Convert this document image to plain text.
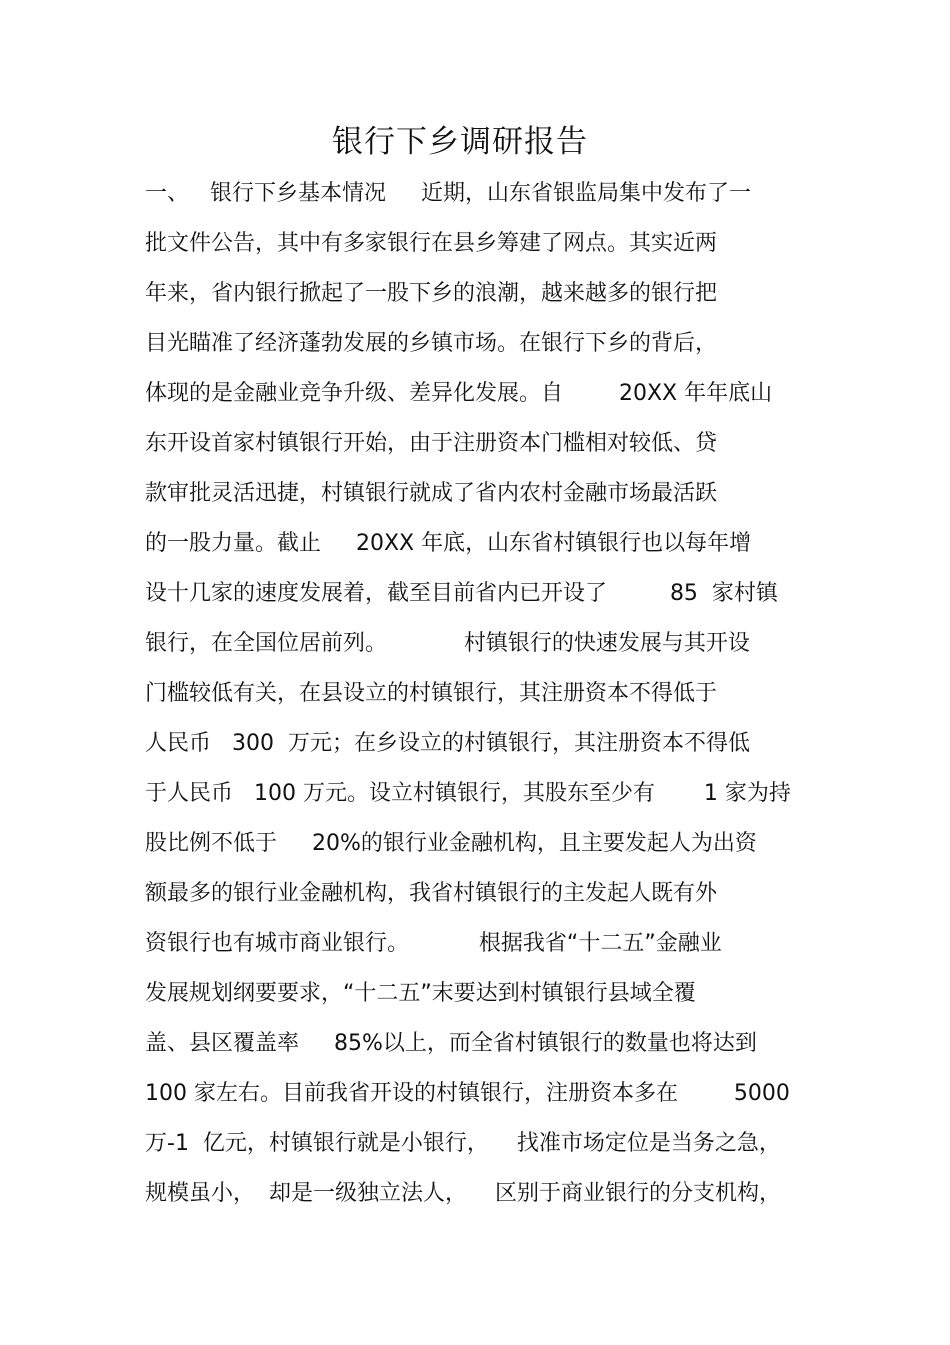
银行下乡调研报告
一、   银行下乡基本情况     近期，山东省银监局集中发布了一
批文件公告，其中有多家银行在县乡筹建了网点。其实近两
年来，省内银行掀起了一股下乡的浪潮，越来越多的银行把
目光瞄准了经济蓬勃发展的乡镇市场。在银行下乡的背后，
体现的是金融业竞争升级、差异化发展。自        20XX 年年底山
东开设首家村镇银行开始，由于注册资本门槛相对较低、贷
款审批灵活迅捷，村镇银行就成了省内农村金融市场最活跃
的一股力量。截止     20XX 年底，山东省村镇银行也以每年增
设十几家的速度发展着，截至目前省内已开设了         85  家村镇
银行，在全国位居前列。           村镇银行的快速发展与其开设
门槛较低有关，在县设立的村镇银行，其注册资本不得低于
人民币   300  万元；在乡设立的村镇银行，其注册资本不得低
于人民币   100 万元。设立村镇银行，其股东至少有       1 家为持
股比例不低于     20%的银行业金融机构，且主要发起人为出资
额最多的银行业金融机构，我省村镇银行的主发起人既有外
资银行也有城市商业银行。          根据我省“十二五”金融业
发展规划纲要要求，“十二五”末要达到村镇银行县域全覆
盖、县区覆盖率     85%以上，而全省村镇银行的数量也将达到
100 家左右。目前我省开设的村镇银行，注册资本多在        5000
万-1  亿元，村镇银行就是小银行，    找准市场定位是当务之急，
规模虽小，  却是一级独立法人，    区别于商业银行的分支机构，
